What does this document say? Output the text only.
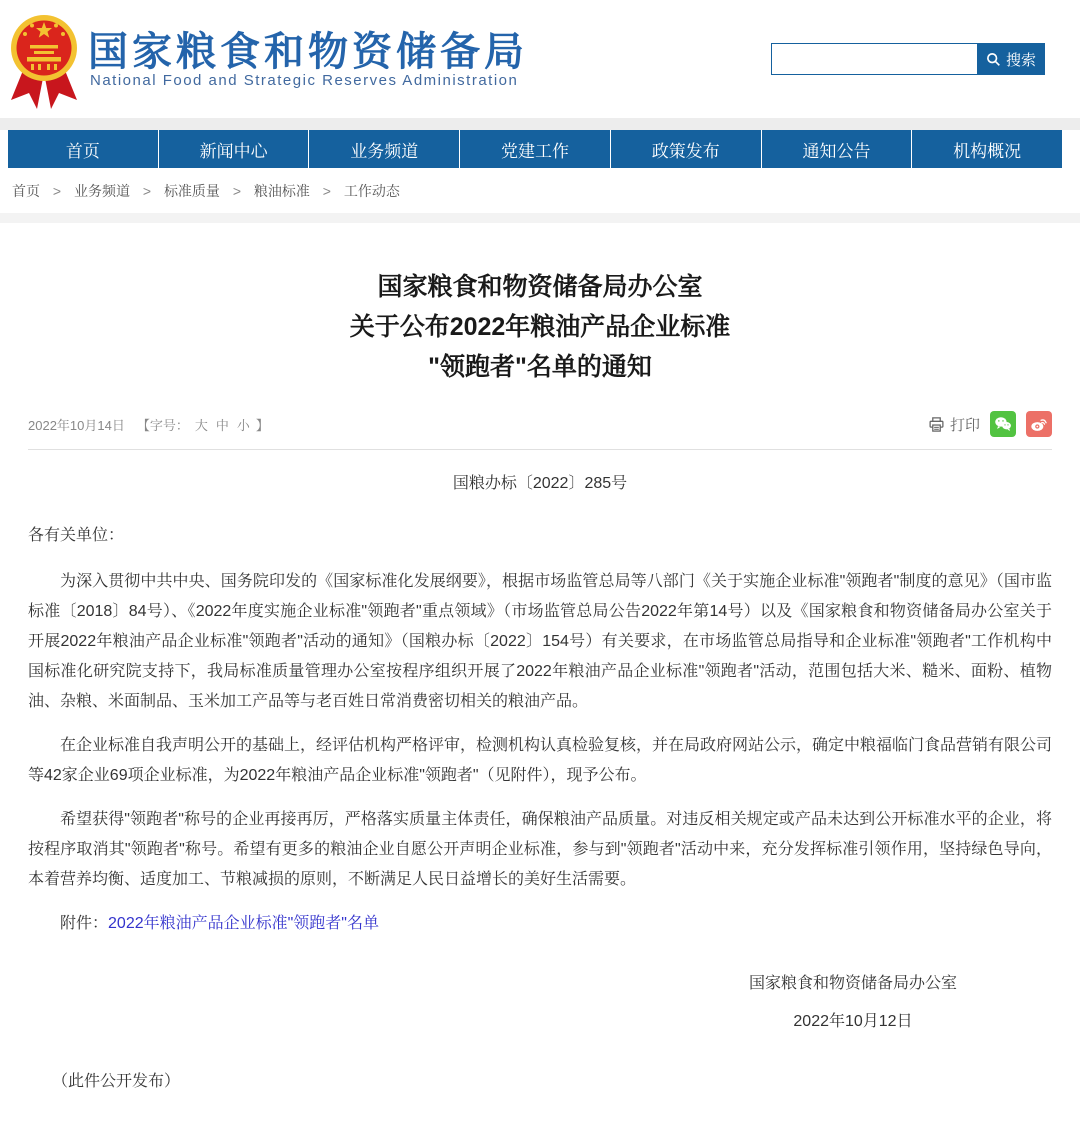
国家粮食和物资储备局
National Food and Strategic Reserves Administration
搜索
首页	新闻中心	业务频道	党建工作	政策发布	通知公告	机构概况
首页 > 业务频道 > 标准质量 > 粮油标准 > 工作动态
国家粮食和物资储备局办公室
关于公布2022年粮油产品企业标准
"领跑者"名单的通知
2022年10月14日 【字号： 大 中 小 】	打印
国粮办标〔2022〕285号

各有关单位：

为深入贯彻中共中央、国务院印发的《国家标准化发展纲要》，根据市场监管总局等八部门《关于实施企业标准"领跑者"制度的意见》（国市监标准〔2018〕84号）、《2022年度实施企业标准"领跑者"重点领域》（市场监管总局公告2022年第14号）以及《国家粮食和物资储备局办公室关于开展2022年粮油产品企业标准"领跑者"活动的通知》（国粮办标〔2022〕154号）有关要求，在市场监管总局指导和企业标准"领跑者"工作机构中国标准化研究院支持下，我局标准质量管理办公室按程序组织开展了2022年粮油产品企业标准"领跑者"活动，范围包括大米、糙米、面粉、植物油、杂粮、米面制品、玉米加工产品等与老百姓日常消费密切相关的粮油产品。

在企业标准自我声明公开的基础上，经评估机构严格评审，检测机构认真检验复核，并在局政府网站公示，确定中粮福临门食品营销有限公司等42家企业69项企业标准，为2022年粮油产品企业标准"领跑者"（见附件），现予公布。

希望获得"领跑者"称号的企业再接再厉，严格落实质量主体责任，确保粮油产品质量。对违反相关规定或产品未达到公开标准水平的企业，将按程序取消其"领跑者"称号。希望有更多的粮油企业自愿公开声明企业标准，参与到"领跑者"活动中来，充分发挥标准引领作用，坚持绿色导向，本着营养均衡、适度加工、节粮减损的原则，不断满足人民日益增长的美好生活需要。

附件：2022年粮油产品企业标准"领跑者"名单

国家粮食和物资储备局办公室
2022年10月12日

（此件公开发布）
